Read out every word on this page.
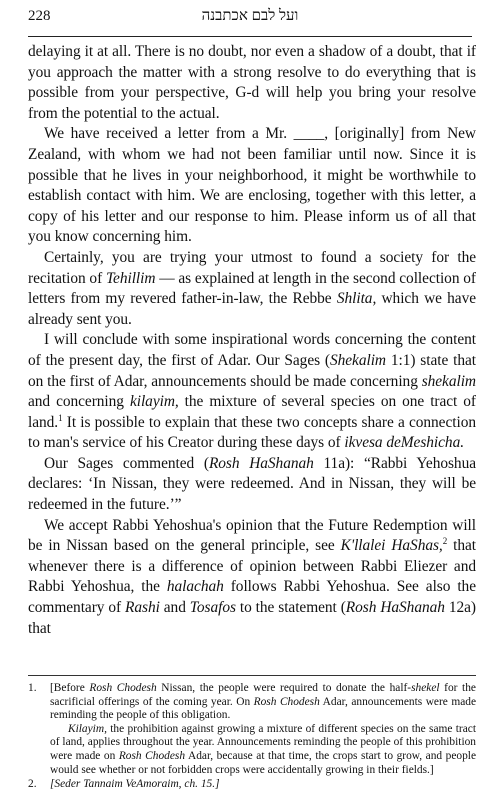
228	ועל לבם אכתבנה

delaying it at all. There is no doubt, nor even a shadow of a doubt, that if you approach the matter with a strong resolve to do everything that is possible from your perspective, G-d will help you bring your resolve from the potential to the actual.

We have received a letter from a Mr. ____, [originally] from New Zealand, with whom we had not been familiar until now. Since it is possible that he lives in your neighborhood, it might be worthwhile to establish contact with him. We are enclosing, together with this letter, a copy of his letter and our response to him. Please inform us of all that you know concerning him.

Certainly, you are trying your utmost to found a society for the recitation of Tehillim — as explained at length in the second collection of letters from my revered father-in-law, the Rebbe Shlita, which we have already sent you.

I will conclude with some inspirational words concerning the content of the present day, the first of Adar. Our Sages (Shekalim 1:1) state that on the first of Adar, announcements should be made concerning shekalim and concerning kilayim, the mixture of several species on one tract of land.$^1$ It is possible to explain that these two concepts share a connection to man's service of his Creator during these days of ikvesa deMeshicha.

Our Sages commented (Rosh HaShanah 11a): “Rabbi Yehoshua declares: ‘In Nissan, they were redeemed. And in Nissan, they will be redeemed in the future.’”

We accept Rabbi Yehoshua's opinion that the Future Redemption will be in Nissan based on the general principle, see K'llalei HaShas,$^2$ that whenever there is a difference of opinion between Rabbi Eliezer and Rabbi Yehoshua, the halachah follows Rabbi Yehoshua. See also the commentary of Rashi and Tosafos to the statement (Rosh HaShanah 12a) that

1.	[Before Rosh Chodesh Nissan, the people were required to donate the half-shekel for the sacrificial offerings of the coming year. On Rosh Chodesh Adar, announcements were made reminding the people of this obligation.

Kilayim, the prohibition against growing a mixture of different species on the same tract of land, applies throughout the year. Announcements reminding the people of this prohibition were made on Rosh Chodesh Adar, because at that time, the crops start to grow, and people would see whether or not forbidden crops were accidentally growing in their fields.]

2.	[Seder Tannaim VeAmoraim, ch. 15.]
